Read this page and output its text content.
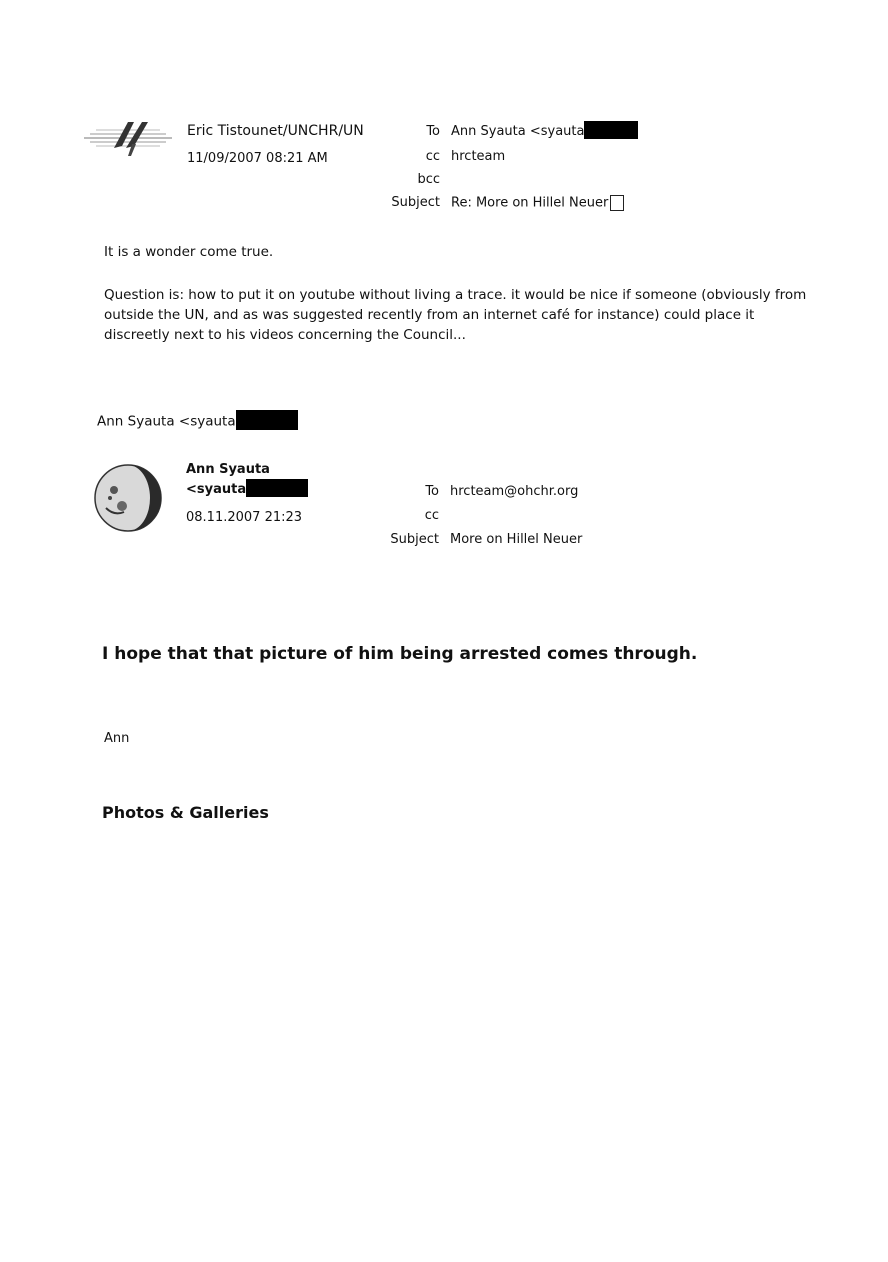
Eric Tistounet/UNCHR/UN
11/09/2007 08:21 AM
To Ann Syauta <syauta
cc hrcteam
bcc
Subject Re: More on Hillel Neuer
It is a wonder come true.
Question is: how to put it on youtube without living a trace. it would be nice if someone (obviously from outside the UN, and as was suggested recently from an internet café for instance) could place it discreetly next to his videos concerning the Council...
Ann Syauta <syauta
Ann Syauta
<syauta
08.11.2007 21:23
To hrcteam@ohchr.org
cc
Subject More on Hillel Neuer
I hope that that picture of him being arrested comes through.
Ann
Photos & Galleries
